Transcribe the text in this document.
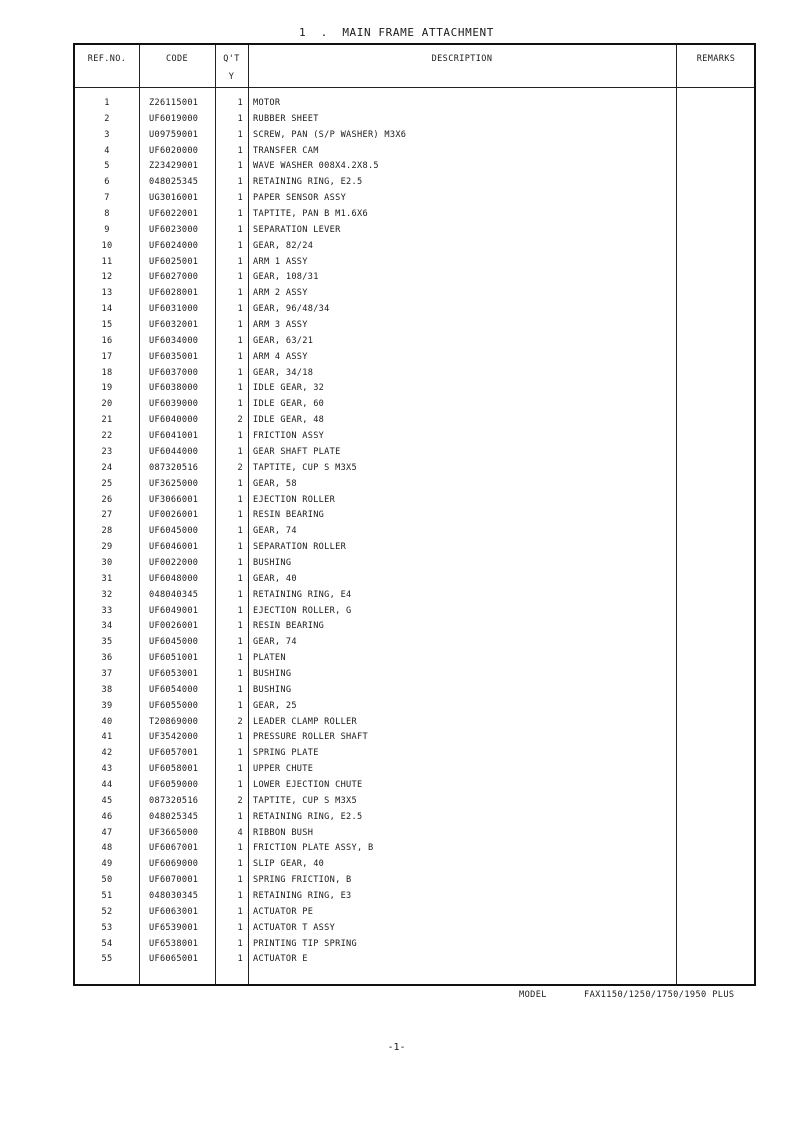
1  .  MAIN FRAME ATTACHMENT
REF.NO.	CODE	Q'T
Y
DESCRIPTION	REMARKS
1	Z26115001	1 MOTOR
2	UF6019000	1 RUBBER SHEET
3	U09759001	1 SCREW, PAN (S/P WASHER) M3X6
4	UF6020000	1 TRANSFER CAM
5	Z23429001	1 WAVE WASHER 008X4.2X8.5
6	048025345	1 RETAINING RING, E2.5
7	UG3016001	1 PAPER SENSOR ASSY
8	UF6022001	1 TAPTITE, PAN B M1.6X6
9	UF6023000	1 SEPARATION LEVER
10	UF6024000	1 GEAR, 82/24
11	UF6025001	1 ARM 1 ASSY
12	UF6027000	1 GEAR, 108/31
13	UF6028001	1 ARM 2 ASSY
14	UF6031000	1 GEAR, 96/48/34
15	UF6032001	1 ARM 3 ASSY
16	UF6034000	1 GEAR, 63/21
17	UF6035001	1 ARM 4 ASSY
18	UF6037000	1 GEAR, 34/18
19	UF6038000	1 IDLE GEAR, 32
20	UF6039000	1 IDLE GEAR, 60
21	UF6040000	2 IDLE GEAR, 48
22	UF6041001	1 FRICTION ASSY
23	UF6044000	1 GEAR SHAFT PLATE
24	087320516	2 TAPTITE, CUP S M3X5
25	UF3625000	1 GEAR, 58
26	UF3066001	1 EJECTION ROLLER
27	UF0026001	1 RESIN BEARING
28	UF6045000	1 GEAR, 74
29	UF6046001	1 SEPARATION ROLLER
30	UF0022000	1 BUSHING
31	UF6048000	1 GEAR, 40
32	048040345	1 RETAINING RING, E4
33	UF6049001	1 EJECTION ROLLER, G
34	UF0026001	1 RESIN BEARING
35	UF6045000	1 GEAR, 74
36	UF6051001	1 PLATEN
37	UF6053001	1 BUSHING
38	UF6054000	1 BUSHING
39	UF6055000	1 GEAR, 25
40	T20869000	2 LEADER CLAMP ROLLER
41	UF3542000	1 PRESSURE ROLLER SHAFT
42	UF6057001	1 SPRING PLATE
43	UF6058001	1 UPPER CHUTE
44	UF6059000	1 LOWER EJECTION CHUTE
45	087320516	2 TAPTITE, CUP S M3X5
46	048025345	1 RETAINING RING, E2.5
47	UF3665000	4 RIBBON BUSH
48	UF6067001	1 FRICTION PLATE ASSY, B
49	UF6069000	1 SLIP GEAR, 40
50	UF6070001	1 SPRING FRICTION, B
51	048030345	1 RETAINING RING, E3
52	UF6063001	1 ACTUATOR PE
53	UF6539001	1 ACTUATOR T ASSY
54	UF6538001	1 PRINTING TIP SPRING
55	UF6065001	1 ACTUATOR E
MODEL	FAX1150/1250/1750/1950 PLUS
-1-
